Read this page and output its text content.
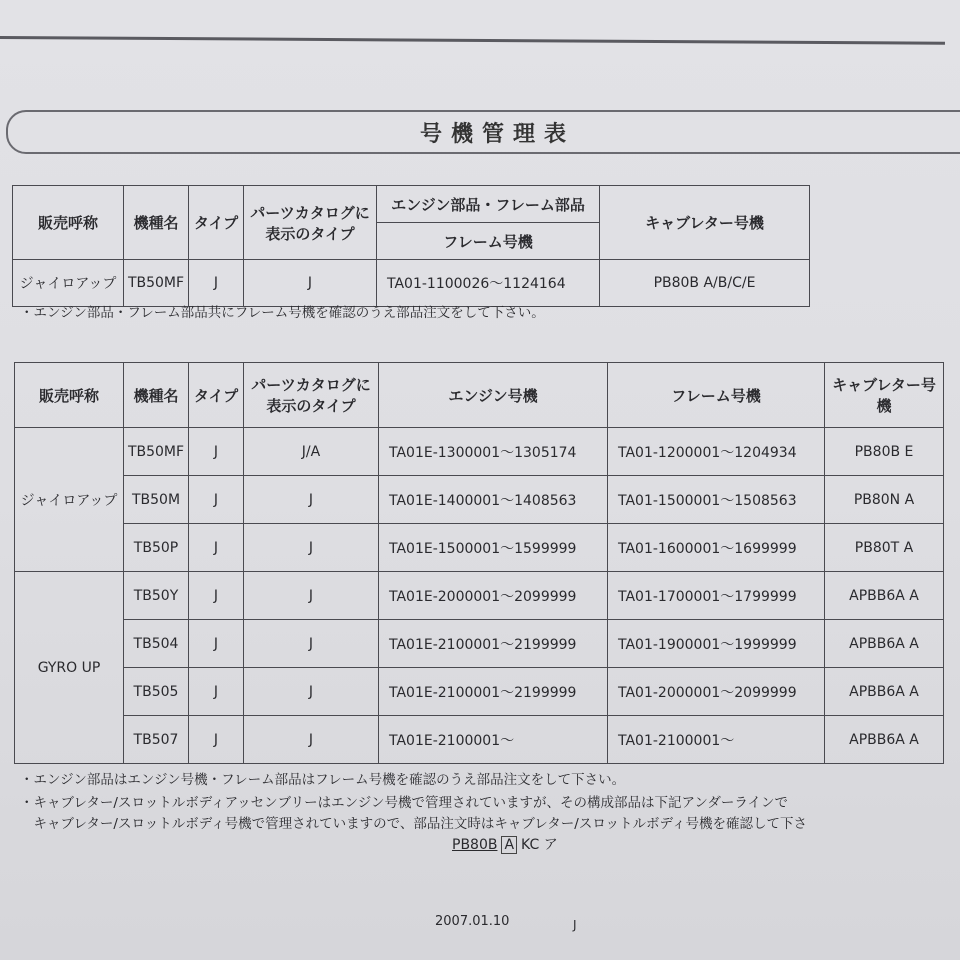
号機管理表
販売呼称	機種名	タイプ	パーツカタログに表示のタイプ	エンジン部品・フレーム部品	キャブレター号機
				フレーム号機	
ジャイロアップ	TB50MF	J	J	TA01-1100026～1124164	PB80B A/B/C/E
・エンジン部品・フレーム部品共にフレーム号機を確認のうえ部品注文をして下さい。
販売呼称	機種名	タイプ	パーツカタログに表示のタイプ	エンジン号機	フレーム号機	キャブレター号機
ジャイロアップ	TB50MF	J	J/A	TA01E-1300001～1305174	TA01-1200001～1204934	PB80B E
	TB50M	J	J	TA01E-1400001～1408563	TA01-1500001～1508563	PB80N A
	TB50P	J	J	TA01E-1500001～1599999	TA01-1600001～1699999	PB80T A
GYRO UP	TB50Y	J	J	TA01E-2000001～2099999	TA01-1700001～1799999	APBB6A A
	TB504	J	J	TA01E-2100001～2199999	TA01-1900001～1999999	APBB6A A
	TB505	J	J	TA01E-2100001～2199999	TA01-2000001～2099999	APBB6A A
	TB507	J	J	TA01E-2100001～	TA01-2100001～	APBB6A A
・エンジン部品はエンジン号機・フレーム部品はフレーム号機を確認のうえ部品注文をして下さい。
・キャブレター/スロットルボディアッセンブリーはエンジン号機で管理されていますが、その構成部品は下記アンダーラインで
　キャブレター/スロットルボディ号機で管理されていますので、部品注文時はキャブレター/スロットルボディ号機を確認して下さ
PB80B A KC ア
2007.01.10	J
